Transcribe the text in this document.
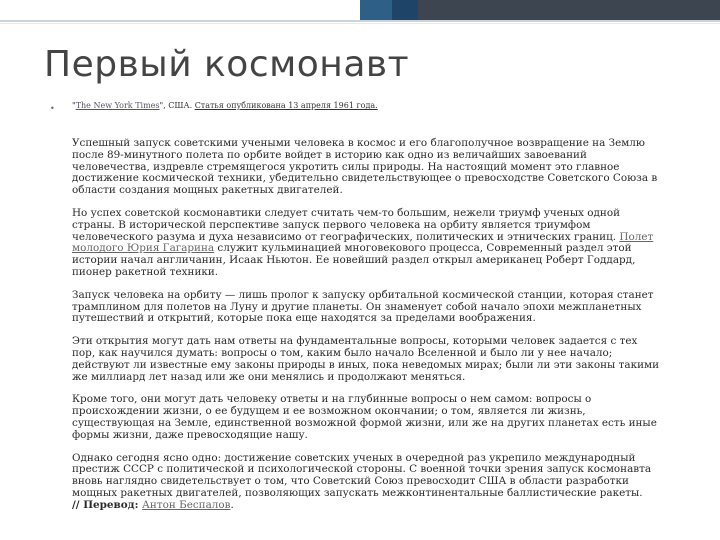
Первый космонавт
• "The New York Times", США. Статья опубликована 13 апреля 1961 года.

Успешный запуск советскими учеными человека в космос и его благополучное возвращение на Землю после 89-минутного полета по орбите войдет в историю как одно из величайших завоеваний человечества, издревле стремящегося укротить силы природы. На настоящий момент это главное достижение космической техники, убедительно свидетельствующее о превосходстве Советского Союза в области создания мощных ракетных двигателей.

Но успех советской космонавтики следует считать чем-то большим, нежели триумф ученых одной страны. В исторической перспективе запуск первого человека на орбиту является триумфом человеческого разума и духа независимо от географических, политических и этнических границ. Полет молодого Юрия Гагарина служит кульминацией многовекового процесса, Современный раздел этой истории начал англичанин, Исаак Ньютон. Ее новейший раздел открыл американец Роберт Годдард, пионер ракетной техники.

Запуск человека на орбиту — лишь пролог к запуску орбитальной космической станции, которая станет трамплином для полетов на Луну и другие планеты. Он знаменует собой начало эпохи межпланетных путешествий и открытий, которые пока еще находятся за пределами воображения.

Эти открытия могут дать нам ответы на фундаментальные вопросы, которыми человек задается с тех пор, как научился думать: вопросы о том, каким было начало Вселенной и было ли у нее начало; действуют ли известные ему законы природы в иных, пока неведомых мирах; были ли эти законы такими же миллиард лет назад или же они менялись и продолжают меняться.

Кроме того, они могут дать человеку ответы и на глубинные вопросы о нем самом: вопросы о происхождении жизни, о ее будущем и ее возможном окончании; о том, является ли жизнь, существующая на Земле, единственной возможной формой жизни, или же на других планетах есть иные формы жизни, даже превосходящие нашу.

Однако сегодня ясно одно: достижение советских ученых в очередной раз укрепило международный престиж СССР с политической и психологической стороны. С военной точки зрения запуск космонавта вновь наглядно свидетельствует о том, что Советский Союз превосходит США в области разработки мощных ракетных двигателей, позволяющих запускать межконтинентальные баллистические ракеты.
// Перевод: Антон Беспалов.
